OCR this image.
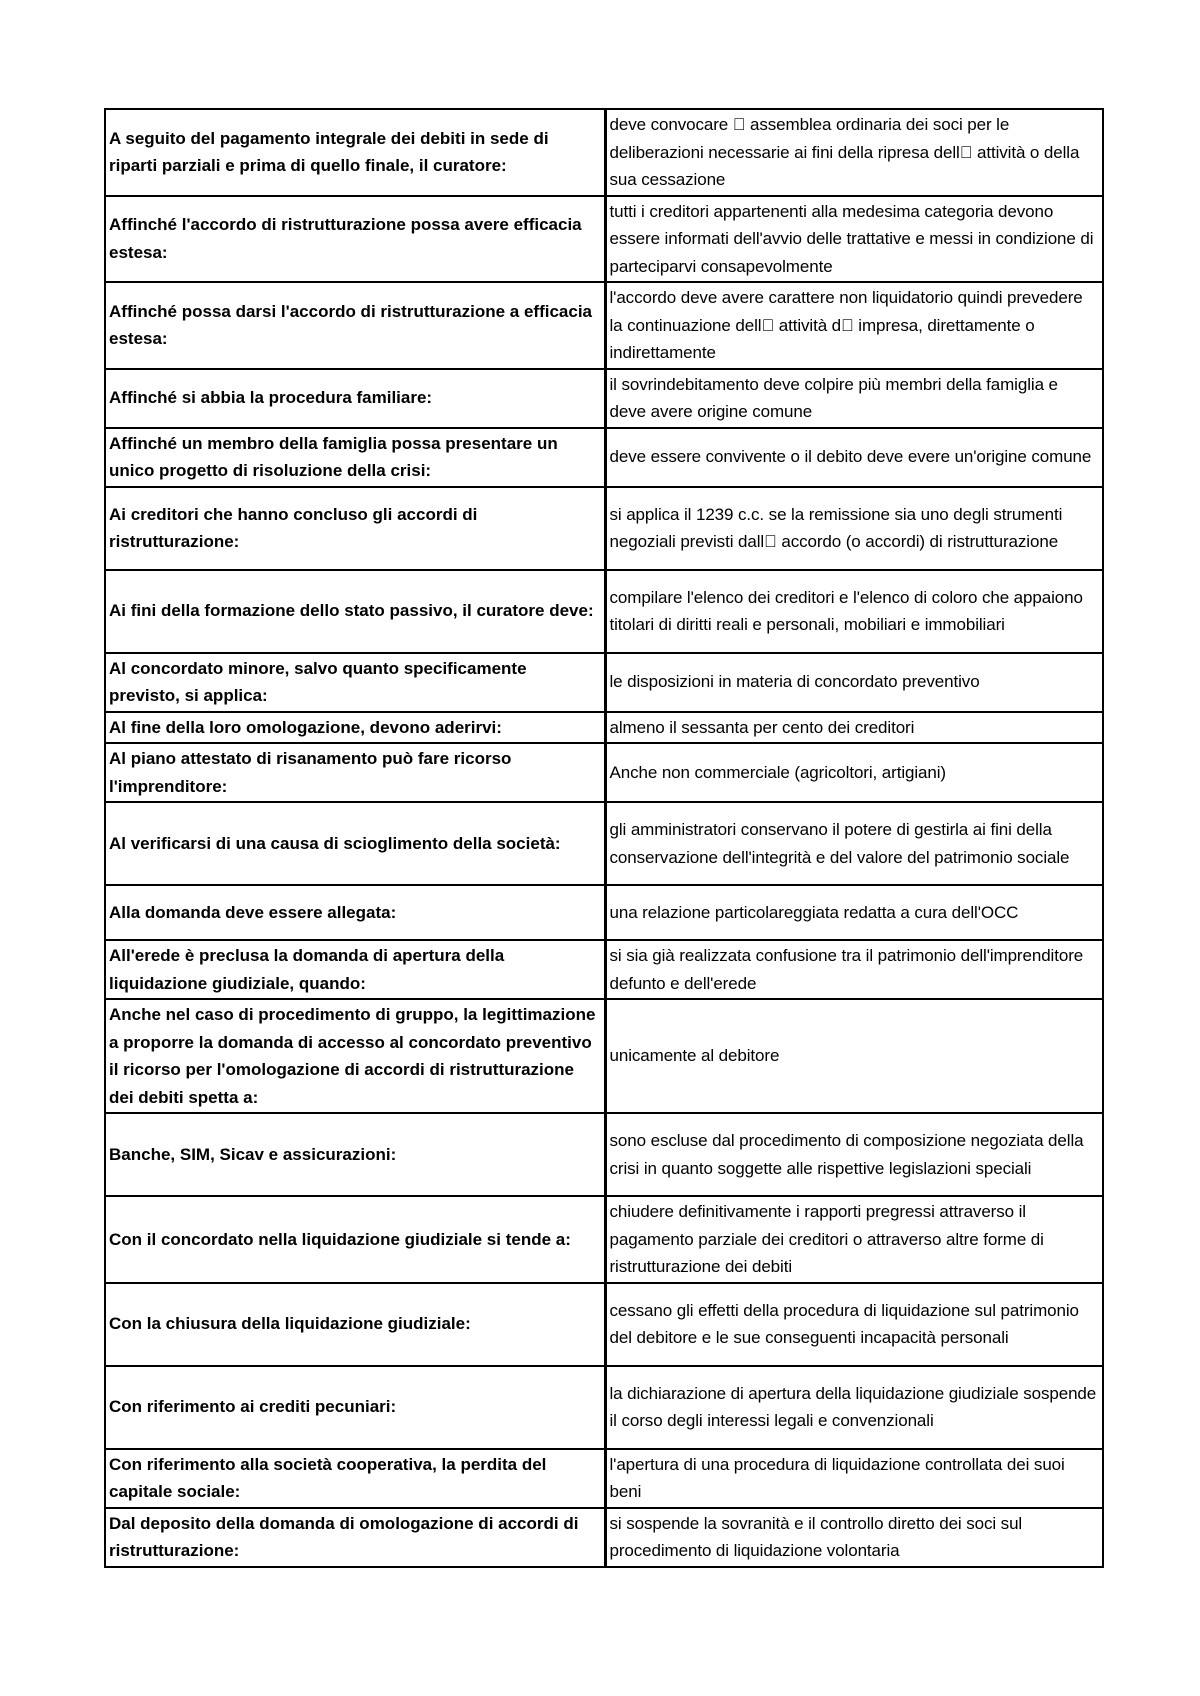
A seguito del pagamento integrale dei debiti in sede di riparti parziali e prima di quello finale, il curatore:	deve convocare   assemblea ordinaria dei soci per le deliberazioni necessarie ai fini della ripresa dell  attività o della sua cessazione
Affinché l'accordo di ristrutturazione possa avere efficacia estesa:	tutti i creditori appartenenti alla medesima categoria devono essere informati dell'avvio delle trattative e messi in condizione di parteciparvi consapevolmente
Affinché possa darsi l'accordo di ristrutturazione a efficacia estesa:	l'accordo deve avere carattere non liquidatorio quindi prevedere la continuazione dell  attività d  impresa, direttamente o indirettamente
Affinché si abbia la procedura familiare:	il sovrindebitamento deve colpire più membri della famiglia e deve avere origine comune
Affinché un membro della famiglia possa presentare un unico progetto di risoluzione della crisi:	deve essere convivente o il debito deve evere un'origine comune
Ai creditori che hanno concluso gli accordi di ristrutturazione:	si applica il 1239 c.c. se la remissione sia uno degli strumenti negoziali previsti dall  accordo (o accordi) di ristrutturazione
Ai fini della formazione dello stato passivo, il curatore deve:	compilare l'elenco dei creditori e l'elenco di coloro che appaiono titolari di diritti reali e personali, mobiliari e immobiliari
Al concordato minore, salvo quanto specificamente previsto, si applica:	le disposizioni in materia di concordato preventivo
Al fine della loro omologazione, devono aderirvi:	almeno il sessanta per cento dei creditori
Al piano attestato di risanamento può fare ricorso l'imprenditore:	Anche non commerciale (agricoltori, artigiani)
Al verificarsi di una causa di scioglimento della società:	gli amministratori conservano il potere di gestirla ai fini della conservazione dell'integrità e del valore del patrimonio sociale
Alla domanda deve essere allegata:	una relazione particolareggiata redatta a cura dell'OCC
All'erede è preclusa la domanda di apertura della liquidazione giudiziale, quando:	si sia già realizzata confusione tra il patrimonio dell'imprenditore defunto e dell'erede
Anche nel caso di procedimento di gruppo, la legittimazione a proporre la domanda di accesso al concordato preventivo il ricorso per l'omologazione di accordi di ristrutturazione dei debiti spetta a:	unicamente al debitore
Banche, SIM, Sicav e assicurazioni:	sono escluse dal procedimento di composizione negoziata della crisi in quanto soggette alle rispettive legislazioni speciali
Con il concordato nella liquidazione giudiziale si tende a:	chiudere definitivamente i rapporti pregressi attraverso il pagamento parziale dei creditori o attraverso altre forme di ristrutturazione dei debiti
Con la chiusura della liquidazione giudiziale:	cessano gli effetti della procedura di liquidazione sul patrimonio del debitore e le sue conseguenti incapacità personali
Con riferimento ai crediti pecuniari:	la dichiarazione di apertura della liquidazione giudiziale sospende il corso degli interessi legali e convenzionali
Con riferimento alla società cooperativa, la perdita del capitale sociale:	l'apertura di una procedura di liquidazione controllata dei suoi beni
Dal deposito della domanda di omologazione di accordi di ristrutturazione:	si sospende la sovranità e il controllo diretto dei soci sul procedimento di liquidazione volontaria
